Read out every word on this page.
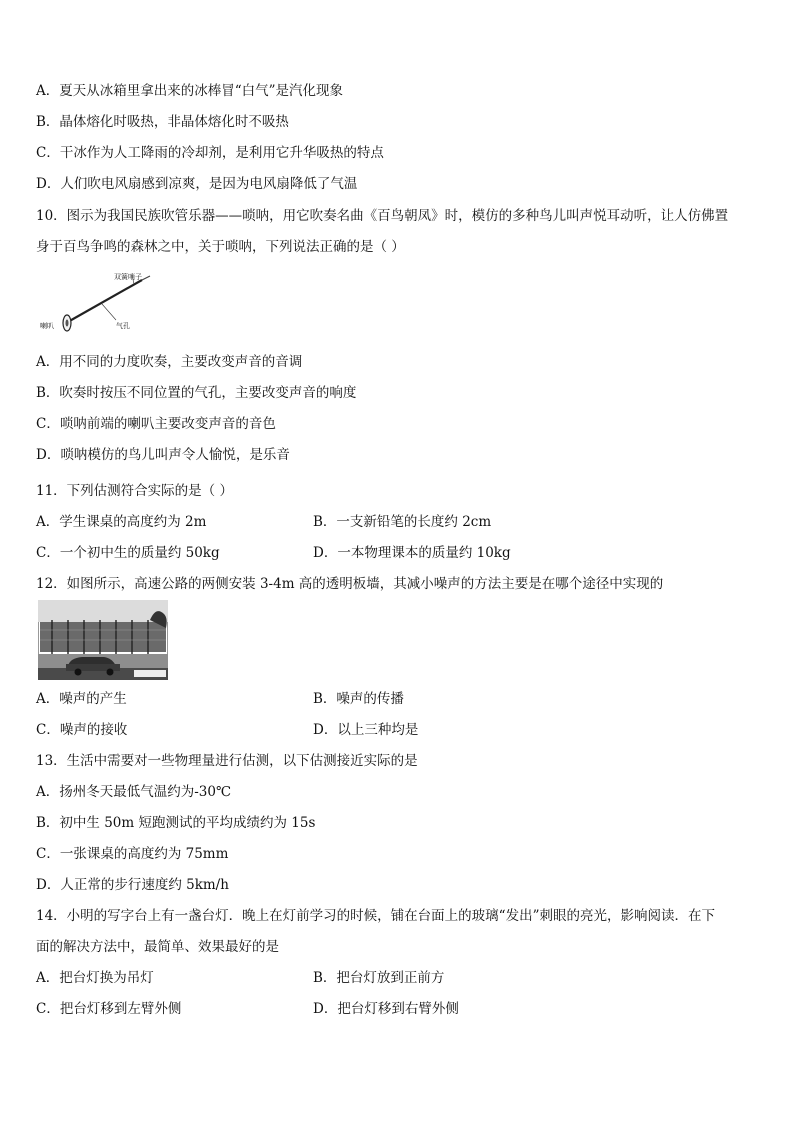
A．夏天从冰箱里拿出来的冰棒冒“白气”是汽化现象
B．晶体熔化时吸热，非晶体熔化时不吸热
C．干冰作为人工降雨的冷却剂，是利用它升华吸热的特点
D．人们吹电风扇感到凉爽，是因为电风扇降低了气温
10．图示为我国民族吹管乐器——唢呐，用它吹奏名曲《百鸟朝凤》时，模仿的多种鸟儿叫声悦耳动听，让人仿佛置
身于百鸟争鸣的森林之中，关于唢呐，下列说法正确的是（ ）
双簧哨子
喇叭	气孔
A．用不同的力度吹奏，主要改变声音的音调
B．吹奏时按压不同位置的气孔，主要改变声音的响度
C．唢呐前端的喇叭主要改变声音的音色
D．唢呐模仿的鸟儿叫声令人愉悦，是乐音
11．下列估测符合实际的是（ ）
A．学生课桌的高度约为 2m	B．一支新铅笔的长度约 2cm
C．一个初中生的质量约 50kg	D．一本物理课本的质量约 10kg
12．如图所示，高速公路的两侧安装 3-4m 高的透明板墙，其减小噪声的方法主要是在哪个途径中实现的
A．噪声的产生	B．噪声的传播
C．噪声的接收	D．以上三种均是
13．生活中需要对一些物理量进行估测，以下估测接近实际的是
A．扬州冬天最低气温约为-30℃
B．初中生 50m 短跑测试的平均成绩约为 15s
C．一张课桌的高度约为 75mm
D．人正常的步行速度约 5km/h
14．小明的写字台上有一盏台灯．晚上在灯前学习的时候，铺在台面上的玻璃“发出”刺眼的亮光，影响阅读．在下
面的解决方法中，最简单、效果最好的是
A．把台灯换为吊灯	B．把台灯放到正前方
C．把台灯移到左臂外侧	D．把台灯移到右臂外侧
